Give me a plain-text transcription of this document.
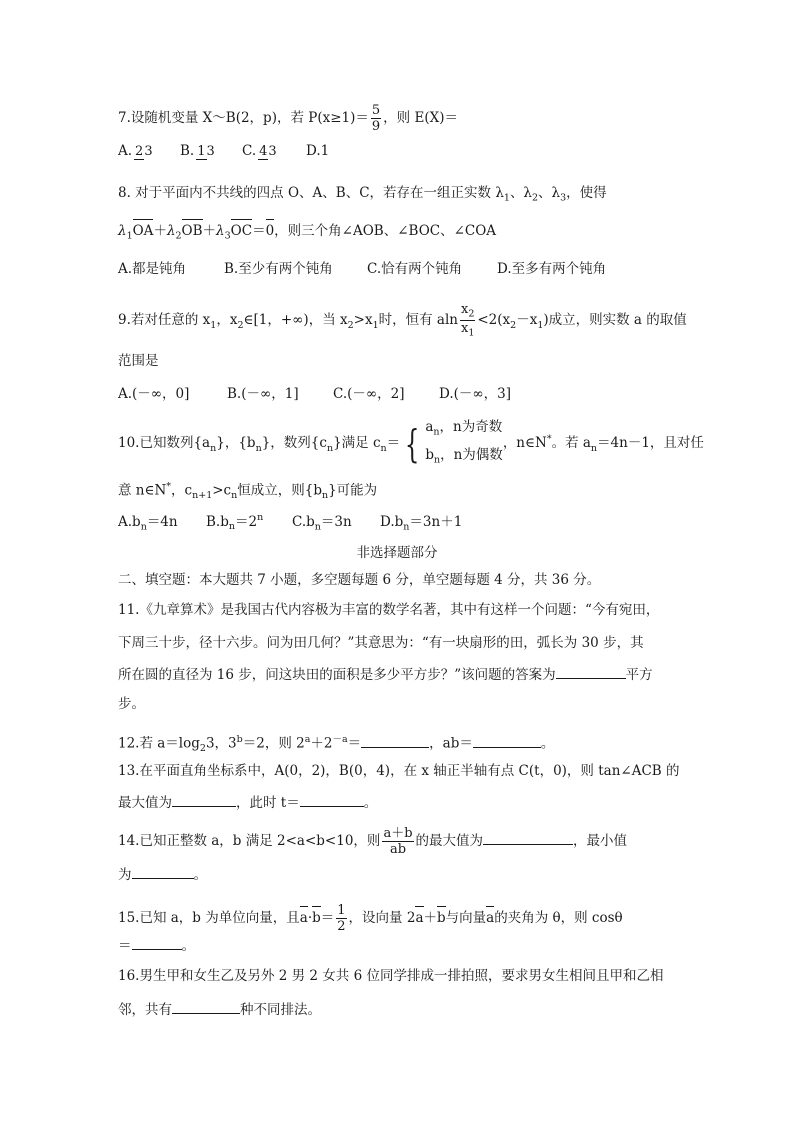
7.设随机变量 X～B(2，p)，若 $P(x\ge 1)= \frac{5}{9}$ ，则 E(X)＝
A. 23 B. 13 C. 43 D.1
8. 对于平面内不共线的四点 O、A、B、C，若存在一组正实数 $\lambda_1$、$\lambda_2$、$\lambda_3$，使得
$\lambda_1OA+\lambda_2OB+\lambda_3OC=0$，则三个角∠AOB、∠BOC、∠COA
A.都是钝角	B.至少有两个钝角	C.恰有两个钝角	D.至多有两个钝角
9.若对任意的 $x_1$，$x_2\in[1$，+∞)，当 $x_2>x_1$时，恒有 aln $\frac{x_2}{x_1} <2(x_2-x_1)$成立，则实数 a 的取值
范围是
A.(－∞，0]	B.(－∞，1]	C.(－∞，2]	D.(－∞，3]
10.已知数列$\{a_n\}$，$\{b_n\}$，数列$\{c_n\}$满足 $c_n=$ { $a_n$，n为奇数
$b_n$，n为偶数
，n∈N*。若 $a_n=4n-1$，且对任
意 n∈N*，$c_{n+1}>c_n$恒成立，则$\{b_n\}$可能为
$A.b_n=4n$ $B.b_n=2^n$ $C.b_n=3n$ $D.b_n=3n+1$
非选择题部分
二、填空题：本大题共 7 小题，多空题每题 6 分，单空题每题 4 分，共 36 分。
11.《九章算术》是我国古代内容极为丰富的数学名著，其中有这样一个问题：“今有宛田，
下周三十步，径十六步。问为田几何？”其意思为：“有一块扇形的田，弧长为 30 步，其
所在圆的直径为 16 步，问这块田的面积是多少平方步？”该问题的答案为	平方
步。
12.若 $a=\log_23$，$3^b=2$，则 $2^a+2^{-a}=$	，ab＝	。
13.在平面直角坐标系中，A(0，2)，B(0，4)，在 x 轴正半轴有点 C(t，0)，则 tan∠ACB 的
最大值为	，此时 t＝	。
14.已知正整数 a，b 满足 2<a<b<10，则 $\frac{a+b}{ab}$ 的最大值为	，最小值
为	。
15.已知 a，b 为单位向量，且$a\cdot b= \frac{1}{2}$ ，设向量 2a＋b与向量a的夹角为 θ，则 cosθ
＝	。
16.男生甲和女生乙及另外 2 男 2 女共 6 位同学排成一排拍照，要求男女生相间且甲和乙相
邻，共有	种不同排法。
